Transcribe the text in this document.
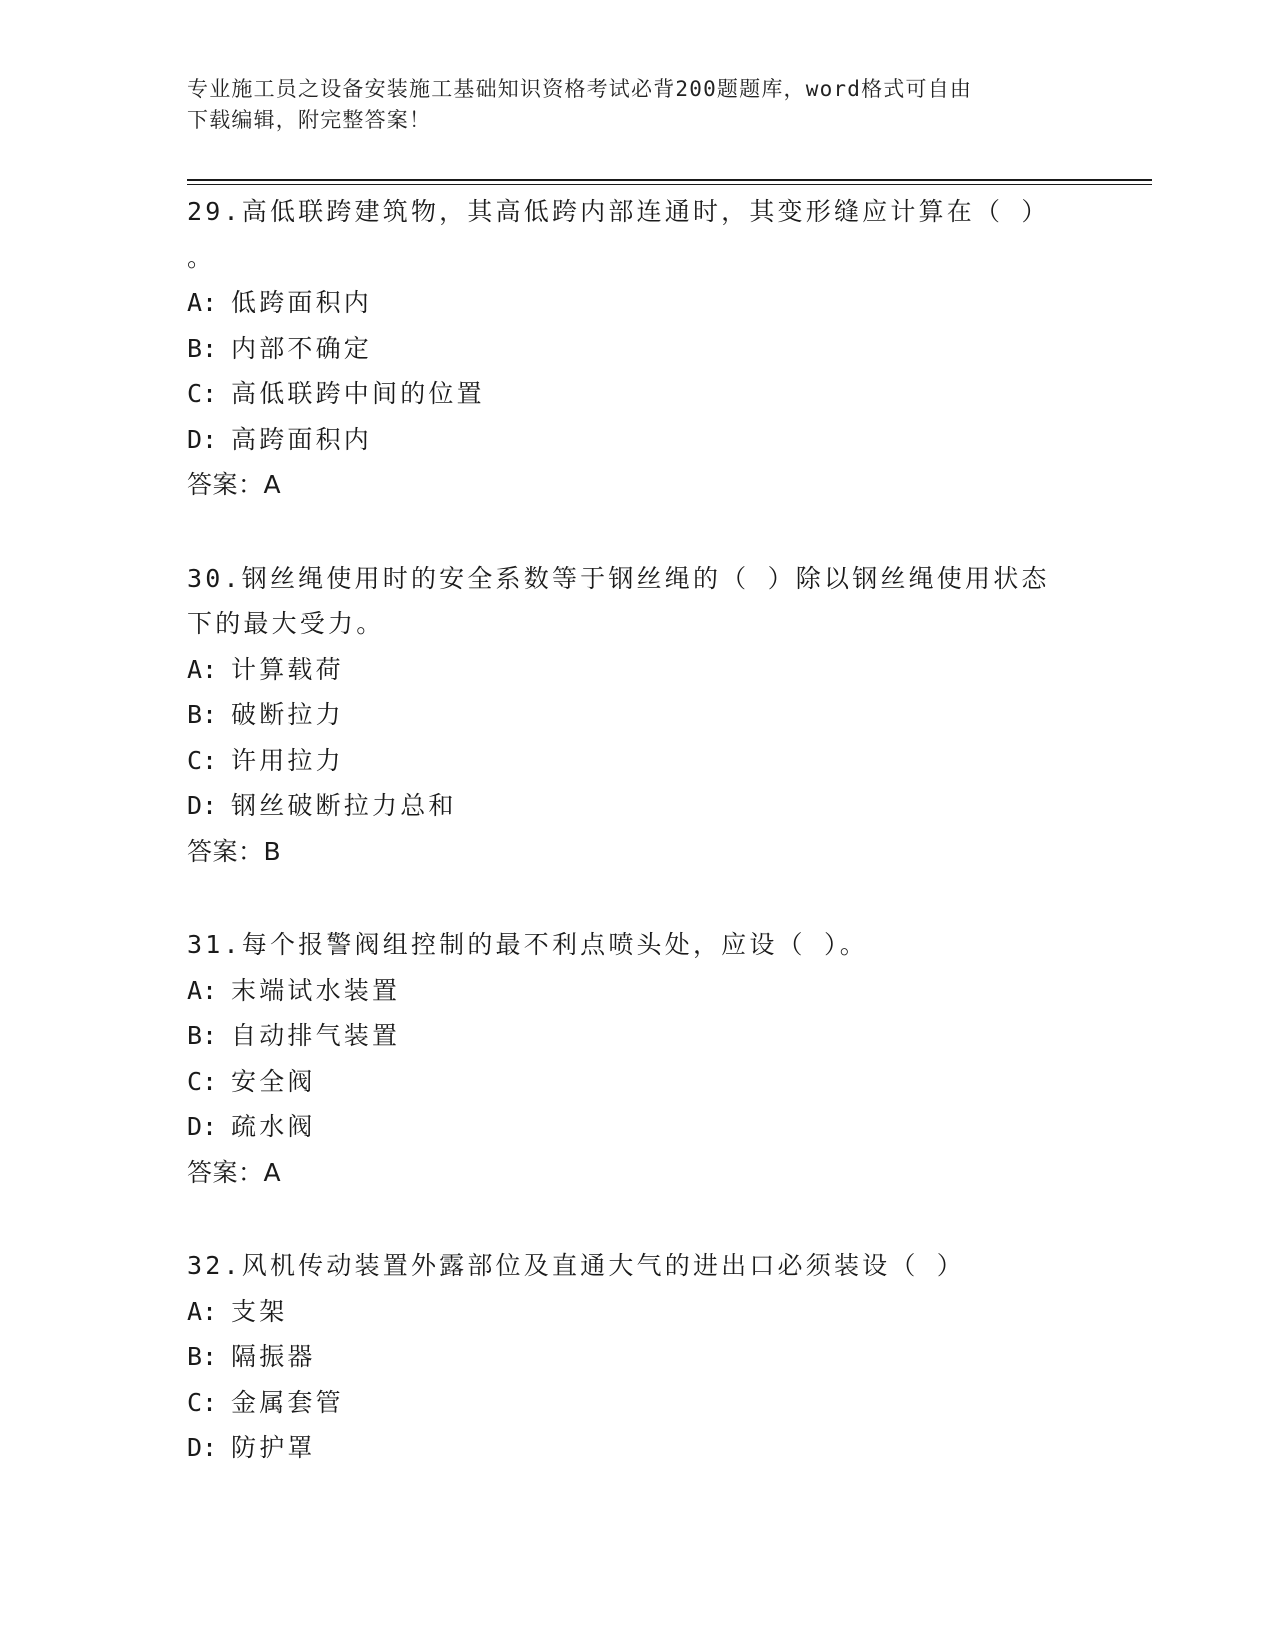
专业施工员之设备安装施工基础知识资格考试必背200题题库，word格式可自由
下载编辑，附完整答案！
29.高低联跨建筑物，其高低跨内部连通时，其变形缝应计算在（ ）
。
A: 低跨面积内
B: 内部不确定
C: 高低联跨中间的位置
D: 高跨面积内
答案：A
30.钢丝绳使用时的安全系数等于钢丝绳的（ ）除以钢丝绳使用状态
下的最大受力。
A: 计算载荷
B: 破断拉力
C: 许用拉力
D: 钢丝破断拉力总和
答案：B
31.每个报警阀组控制的最不利点喷头处，应设（ ）。
A: 末端试水装置
B: 自动排气装置
C: 安全阀
D: 疏水阀
答案：A
32.风机传动装置外露部位及直通大气的进出口必须装设（ ）
A: 支架
B: 隔振器
C: 金属套管
D: 防护罩
